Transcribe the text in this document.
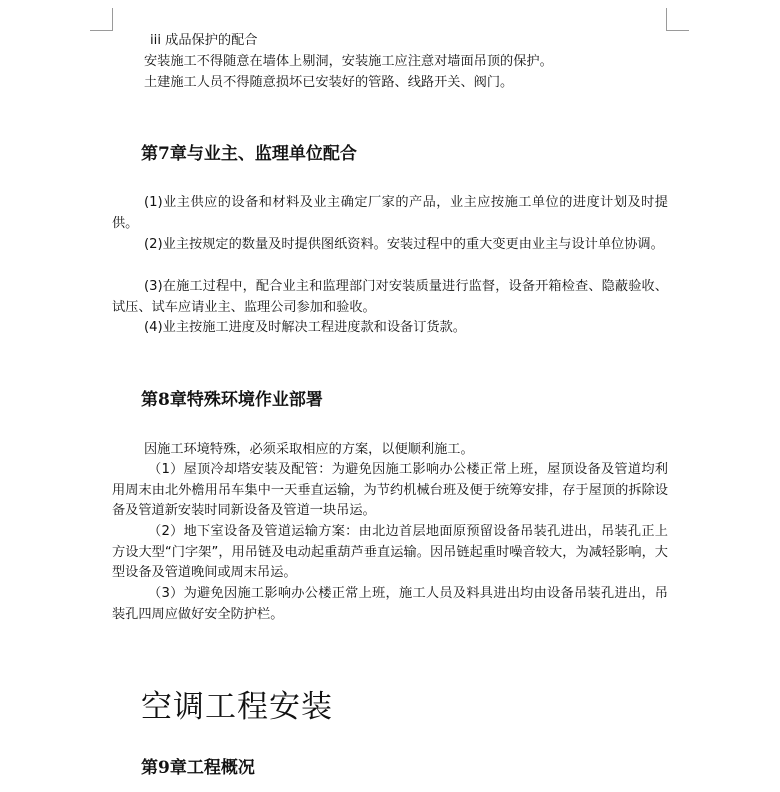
iii 成品保护的配合
安装施工不得随意在墙体上剔洞，安装施工应注意对墙面吊顶的保护。
土建施工人员不得随意损坏已安装好的管路、线路开关、阀门。
第7章与业主、监理单位配合
(1)业主供应的设备和材料及业主确定厂家的产品，业主应按施工单位的进度计划及时提供。
(2)业主按规定的数量及时提供图纸资料。安装过程中的重大变更由业主与设计单位协调。
(3)在施工过程中，配合业主和监理部门对安装质量进行监督，设备开箱检查、隐蔽验收、试压、试车应请业主、监理公司参加和验收。
(4)业主按施工进度及时解决工程进度款和设备订货款。
第8章特殊环境作业部署
因施工环境特殊，必须采取相应的方案，以便顺利施工。
（1）屋顶冷却塔安装及配管：为避免因施工影响办公楼正常上班，屋顶设备及管道均利用周末由北外檐用吊车集中一天垂直运输，为节约机械台班及便于统筹安排，存于屋顶的拆除设备及管道新安装时同新设备及管道一块吊运。
（2）地下室设备及管道运输方案：由北边首层地面原预留设备吊装孔进出，吊装孔正上方设大型“门字架”，用吊链及电动起重葫芦垂直运输。因吊链起重时噪音较大，为减轻影响，大型设备及管道晚间或周末吊运。
（3）为避免因施工影响办公楼正常上班，施工人员及料具进出均由设备吊装孔进出，吊装孔四周应做好安全防护栏。
空调工程安装
第9章工程概况
